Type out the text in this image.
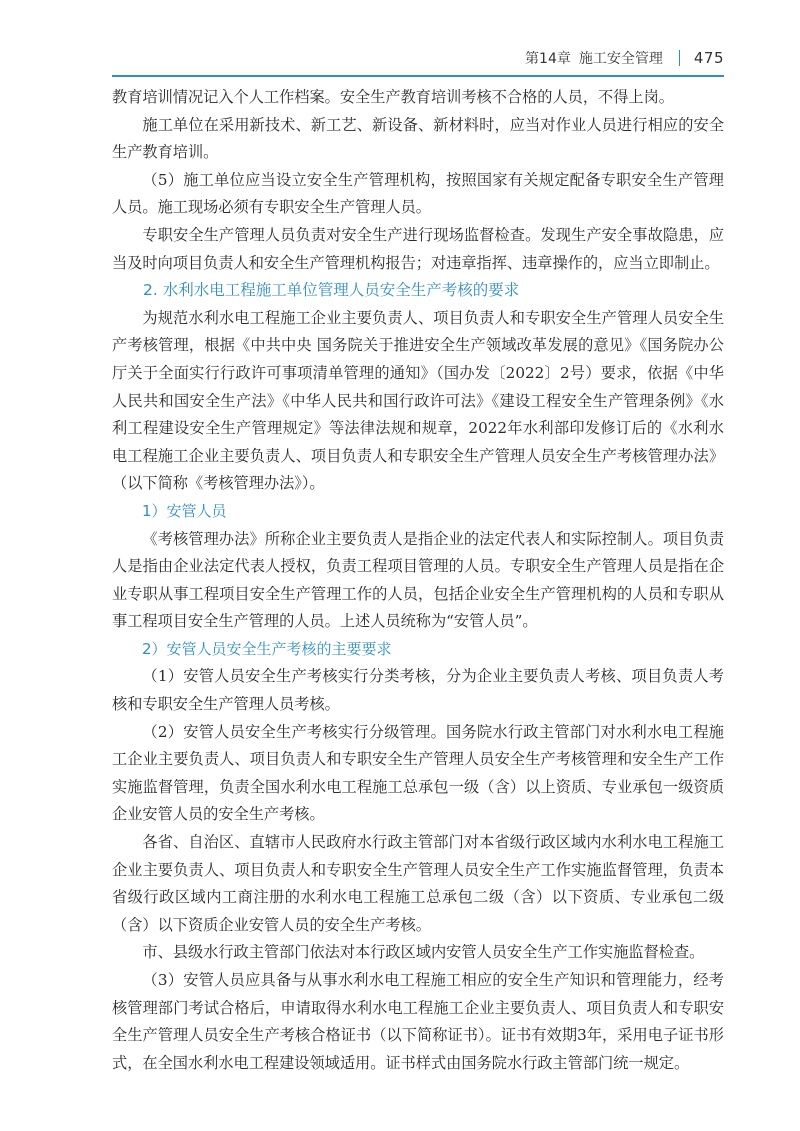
第14章 施工安全管理 475

教育培训情况记入个人工作档案。安全生产教育培训考核不合格的人员，不得上岗。

施工单位在采用新技术、新工艺、新设备、新材料时，应当对作业人员进行相应的安全生产教育培训。

（5）施工单位应当设立安全生产管理机构，按照国家有关规定配备专职安全生产管理人员。施工现场必须有专职安全生产管理人员。

专职安全生产管理人员负责对安全生产进行现场监督检查。发现生产安全事故隐患，应当及时向项目负责人和安全生产管理机构报告；对违章指挥、违章操作的，应当立即制止。

2. 水利水电工程施工单位管理人员安全生产考核的要求

为规范水利水电工程施工企业主要负责人、项目负责人和专职安全生产管理人员安全生产考核管理，根据《中共中央 国务院关于推进安全生产领域改革发展的意见》《国务院办公厅关于全面实行行政许可事项清单管理的通知》（国办发〔2022〕2号）要求，依据《中华人民共和国安全生产法》《中华人民共和国行政许可法》《建设工程安全生产管理条例》《水利工程建设安全生产管理规定》等法律法规和规章，2022年水利部印发修订后的《水利水电工程施工企业主要负责人、项目负责人和专职安全生产管理人员安全生产考核管理办法》（以下简称《考核管理办法》）。

1）安管人员

《考核管理办法》所称企业主要负责人是指企业的法定代表人和实际控制人。项目负责人是指由企业法定代表人授权，负责工程项目管理的人员。专职安全生产管理人员是指在企业专职从事工程项目安全生产管理工作的人员，包括企业安全生产管理机构的人员和专职从事工程项目安全生产管理的人员。上述人员统称为“安管人员”。

2）安管人员安全生产考核的主要要求

（1）安管人员安全生产考核实行分类考核，分为企业主要负责人考核、项目负责人考核和专职安全生产管理人员考核。

（2）安管人员安全生产考核实行分级管理。国务院水行政主管部门对水利水电工程施工企业主要负责人、项目负责人和专职安全生产管理人员安全生产考核管理和安全生产工作实施监督管理，负责全国水利水电工程施工总承包一级（含）以上资质、专业承包一级资质企业安管人员的安全生产考核。

各省、自治区、直辖市人民政府水行政主管部门对本省级行政区域内水利水电工程施工企业主要负责人、项目负责人和专职安全生产管理人员安全生产工作实施监督管理，负责本省级行政区域内工商注册的水利水电工程施工总承包二级（含）以下资质、专业承包二级（含）以下资质企业安管人员的安全生产考核。

市、县级水行政主管部门依法对本行政区域内安管人员安全生产工作实施监督检查。

（3）安管人员应具备与从事水利水电工程施工相应的安全生产知识和管理能力，经考核管理部门考试合格后，申请取得水利水电工程施工企业主要负责人、项目负责人和专职安全生产管理人员安全生产考核合格证书（以下简称证书）。证书有效期3年，采用电子证书形式，在全国水利水电工程建设领域适用。证书样式由国务院水行政主管部门统一规定。
